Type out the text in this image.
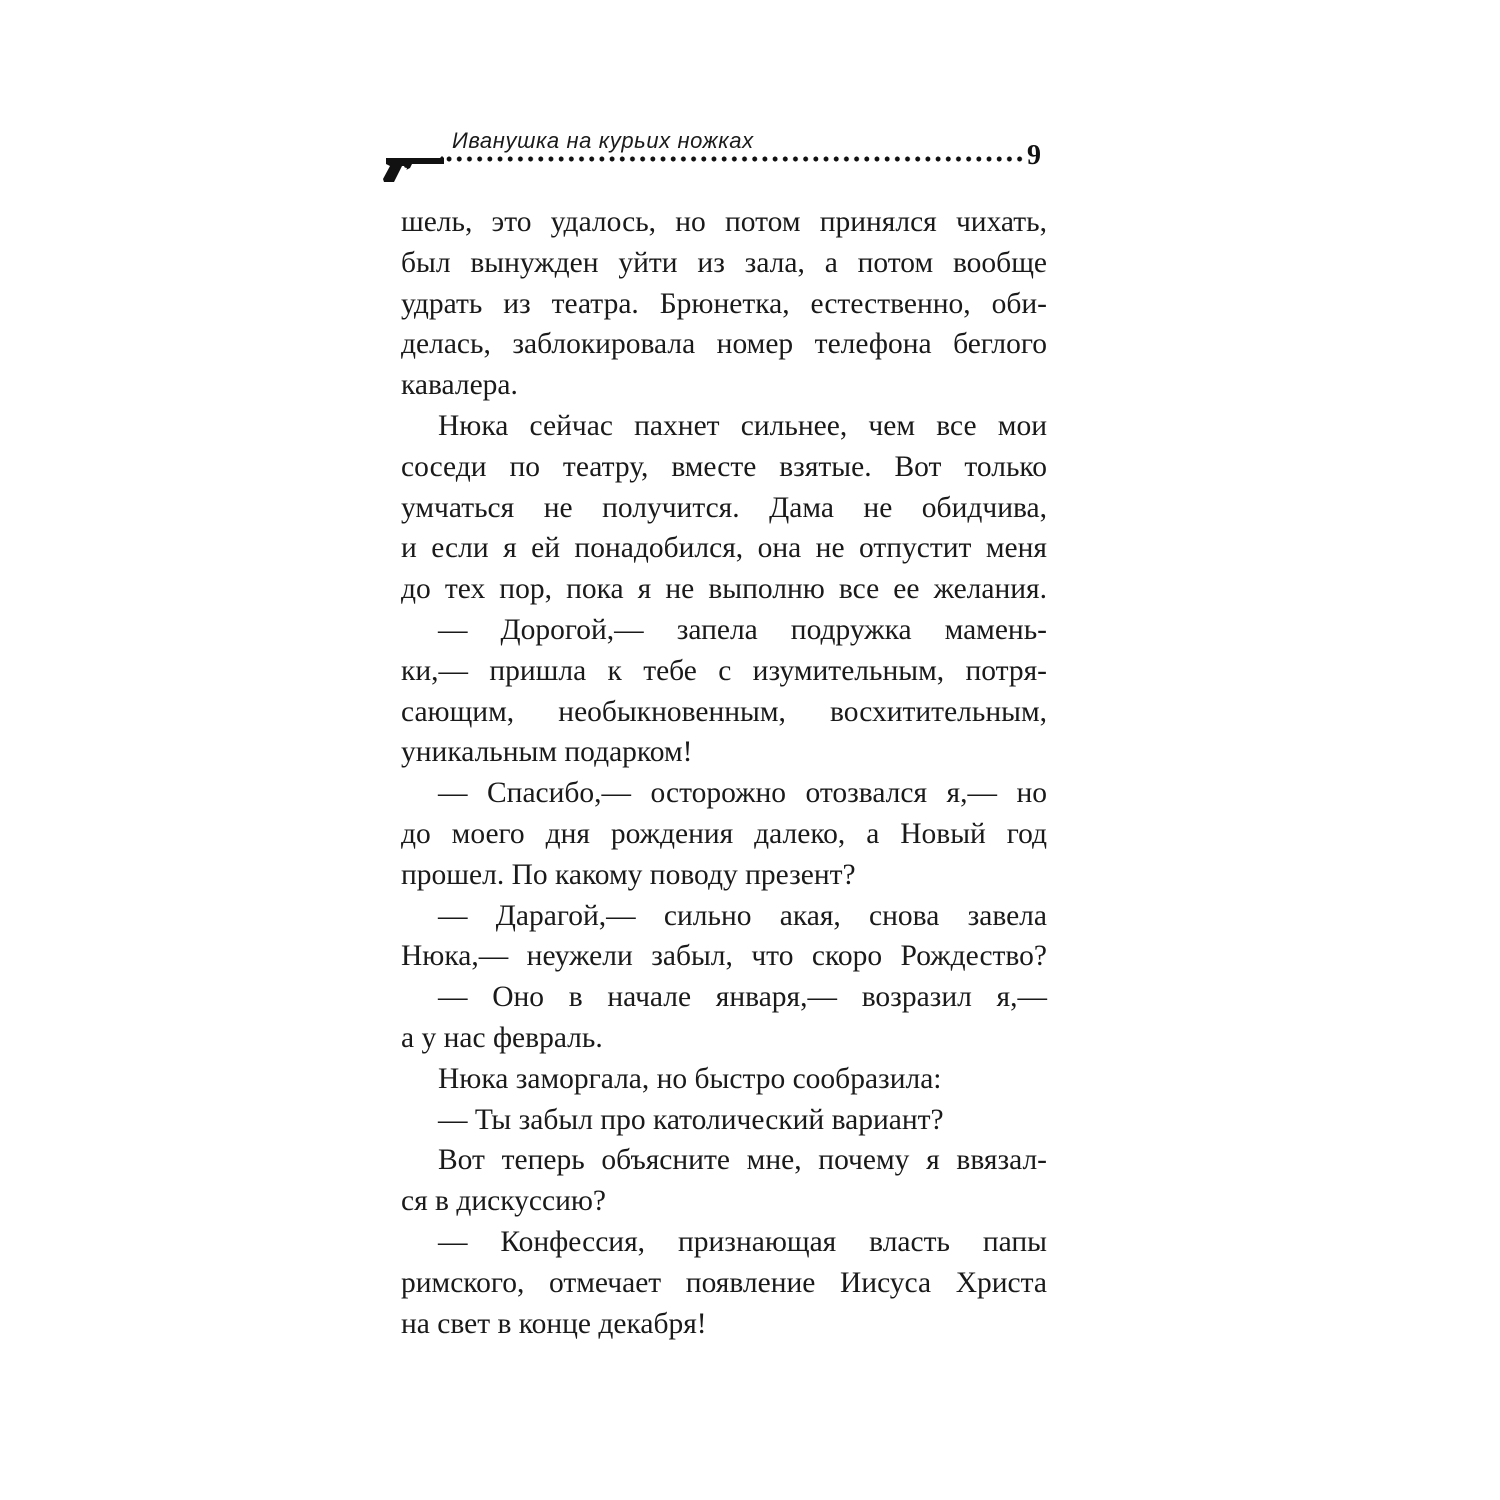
Иванушка на курьих ножках	9
шель, это удалось, но потом принялся чихать,
был вынужден уйти из зала, а потом вообще
удрать из театра. Брюнетка, естественно, оби-
делась, заблокировала номер телефона беглого
кавалера.
Нюка сейчас пахнет сильнее, чем все мои
соседи по театру, вместе взятые. Вот только
умчаться не получится. Дама не обидчива,
и если я ей понадобился, она не отпустит меня
до тех пор, пока я не выполню все ее желания.
— Дорогой,— запела подружка мамень-
ки,— пришла к тебе с изумительным, потря-
сающим, необыкновенным, восхитительным,
уникальным подарком!
— Спасибо,— осторожно отозвался я,— но
до моего дня рождения далеко, а Новый год
прошел. По какому поводу презент?
— Дарагой,— сильно акая, снова завела
Нюка,— неужели забыл, что скоро Рождество?
— Оно в начале января,— возразил я,—
а у нас февраль.
Нюка заморгала, но быстро сообразила:
— Ты забыл про католический вариант?
Вот теперь объясните мне, почему я ввязал-
ся в дискуссию?
— Конфессия, признающая власть папы
римского, отмечает появление Иисуса Христа
на свет в конце декабря!
